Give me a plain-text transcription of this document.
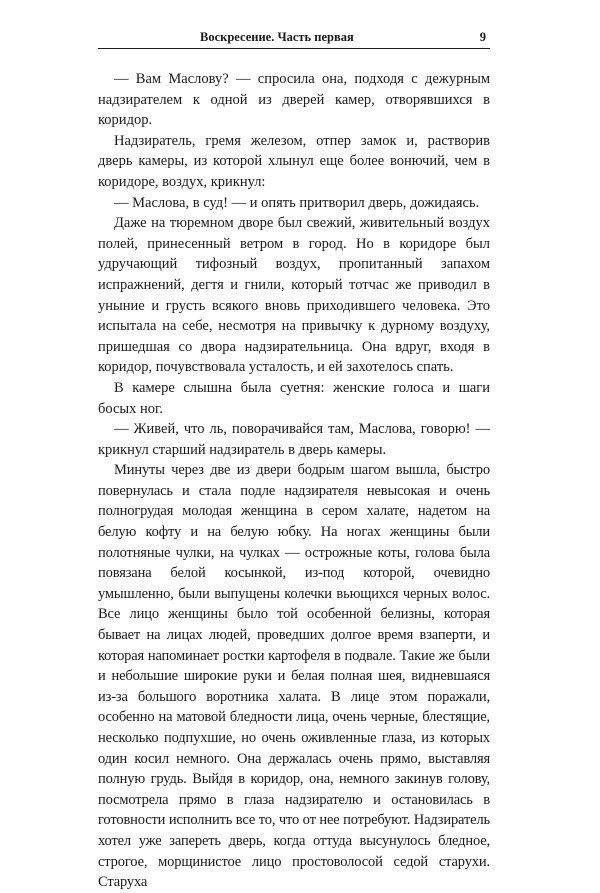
Воскресение. Часть первая	9

— Вам Маслову? — спросила она, подходя с дежурным надзирателем к одной из дверей камер, отворявшихся в коридор.

Надзиратель, гремя железом, отпер замок и, растворив дверь камеры, из которой хлынул еще более вонючий, чем в коридоре, воздух, крикнул:

— Маслова, в суд! — и опять притворил дверь, дожидаясь.

Даже на тюремном дворе был свежий, живительный воздух полей, принесенный ветром в город. Но в коридоре был удручающий тифозный воздух, пропитанный запахом испражнений, дегтя и гнили, который тотчас же приводил в уныние и грусть всякого вновь приходившего человека. Это испытала на себе, несмотря на привычку к дурному воздуху, пришедшая со двора надзирательница. Она вдруг, входя в коридор, почувствовала усталость, и ей захотелось спать.

В камере слышна была суетня: женские голоса и шаги босых ног.

— Живей, что ль, поворачивайся там, Маслова, говорю! — крикнул старший надзиратель в дверь камеры.

Минуты через две из двери бодрым шагом вышла, быстро повернулась и стала подле надзирателя невысокая и очень полногрудая молодая женщина в сером халате, надетом на белую кофту и на белую юбку. На ногах женщины были полотняные чулки, на чулках — острожные коты, голова была повязана белой косынкой, из-под которой, очевидно умышленно, были выпущены колечки вьющихся черных волос. Все лицо женщины было той особенной белизны, которая бывает на лицах людей, проведших долгое время взаперти, и которая напоминает ростки картофеля в подвале. Такие же были и небольшие широкие руки и белая полная шея, видневшаяся из-за большого воротника халата. В лице этом поражали, особенно на матовой бледности лица, очень черные, блестящие, несколько подпухшие, но очень оживленные глаза, из которых один косил немного. Она держалась очень прямо, выставляя полную грудь. Выйдя в коридор, она, немного закинув голову, посмотрела прямо в глаза надзирателю и остановилась в готовности исполнить все то, что от нее потребуют. Надзиратель хотел уже запереть дверь, когда оттуда высунулось бледное, строгое, морщинистое лицо простоволосой седой старухи. Старуха
